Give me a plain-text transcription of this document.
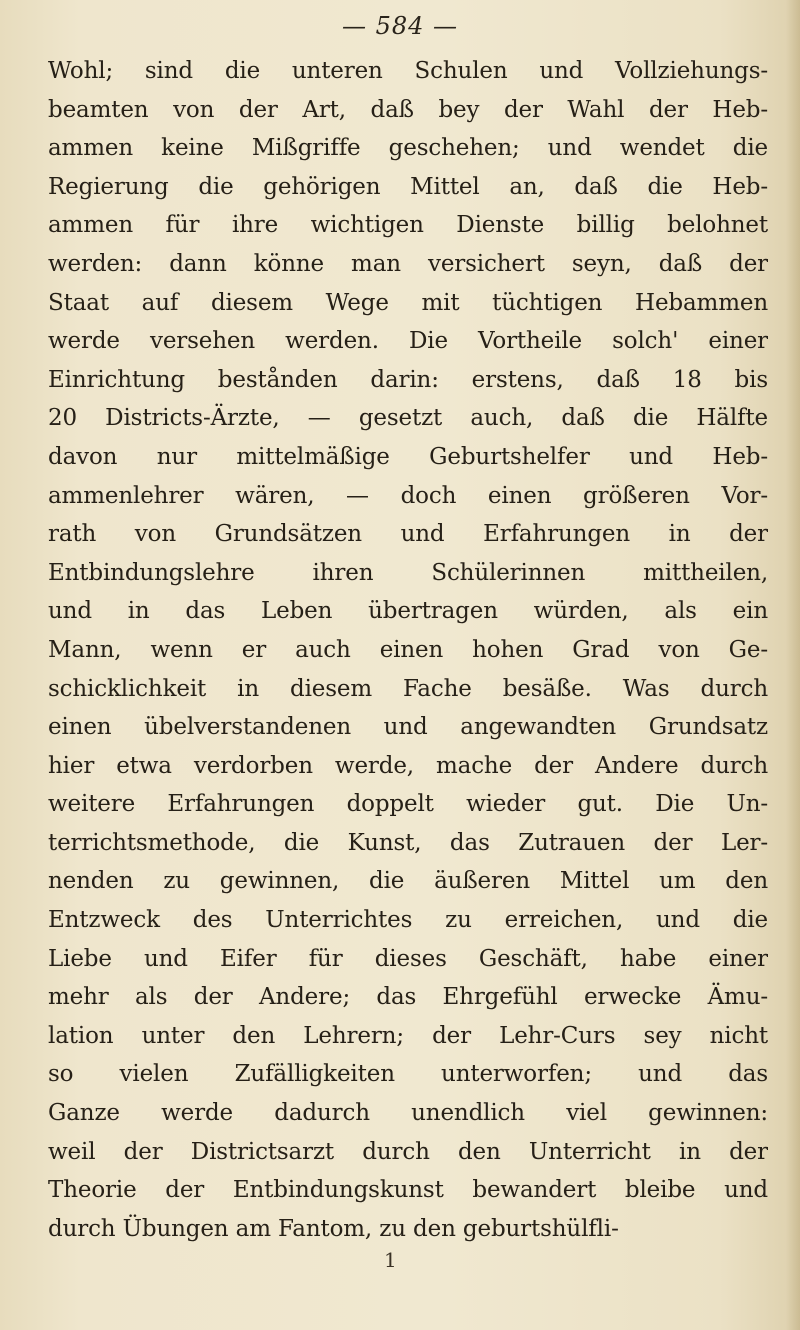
— 584 —
Wohl; sind die unteren Schulen und Vollziehungs-
beamten von der Art, daß bey der Wahl der Heb-
ammen keine Mißgriffe geschehen; und wendet die
Regierung die gehörigen Mittel an, daß die Heb-
ammen für ihre wichtigen Dienste billig belohnet
werden: dann könne man versichert seyn, daß der
Staat auf diesem Wege mit tüchtigen Hebammen
werde versehen werden. Die Vortheile solch' einer
Einrichtung bestånden darin: erstens, daß 18 bis
20 Districts-Ärzte, — gesetzt auch, daß die Hälfte
davon nur mittelmäßige Geburtshelfer und Heb-
ammenlehrer wären, — doch einen größeren Vor-
rath von Grundsätzen und Erfahrungen in der
Entbindungslehre ihren Schülerinnen mittheilen,
und in das Leben übertragen würden, als ein
Mann, wenn er auch einen hohen Grad von Ge-
schicklichkeit in diesem Fache besäße. Was durch
einen übelverstandenen und angewandten Grundsatz
hier etwa verdorben werde, mache der Andere durch
weitere Erfahrungen doppelt wieder gut. Die Un-
terrichtsmethode, die Kunst, das Zutrauen der Ler-
nenden zu gewinnen, die äußeren Mittel um den
Entzweck des Unterrichtes zu erreichen, und die
Liebe und Eifer für dieses Geschäft, habe einer
mehr als der Andere; das Ehrgefühl erwecke Ämu-
lation unter den Lehrern; der Lehr-Curs sey nicht
so vielen Zufälligkeiten unterworfen; und das
Ganze werde dadurch unendlich viel gewinnen:
weil der Districtsarzt durch den Unterricht in der
Theorie der Entbindungskunst bewandert bleibe und
durch Übungen am Fantom, zu den geburtshülfli-
1
